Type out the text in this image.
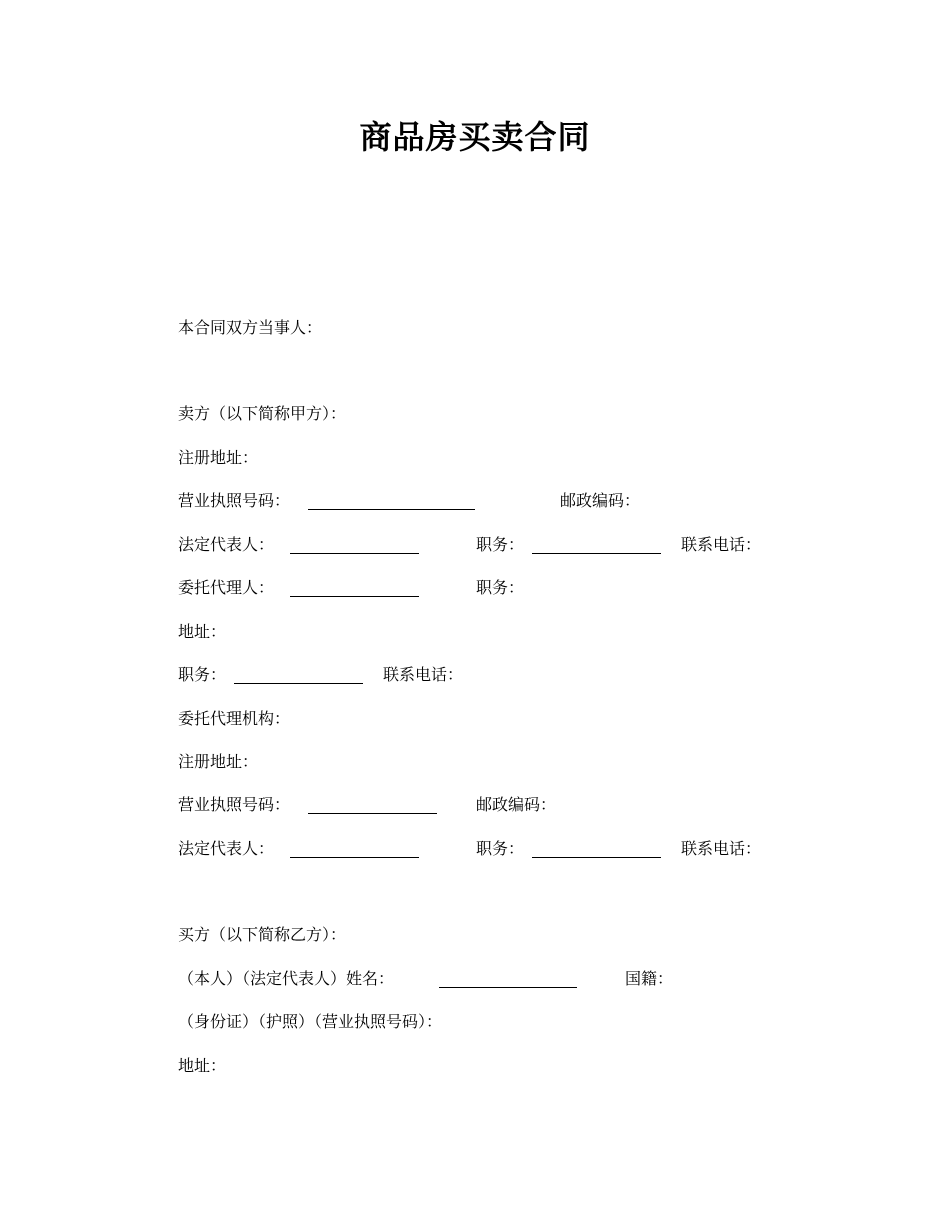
商品房买卖合同
本合同双方当事人：
卖方（以下简称甲方）：
注册地址：
营业执照号码：	邮政编码：
法定代表人：	职务：	联系电话：
委托代理人：	职务：
地址：
职务：	联系电话：
委托代理机构：
注册地址：
营业执照号码：	邮政编码：
法定代表人：	职务：	联系电话：
买方（以下简称乙方）：
（本人）（法定代表人）姓名：	国籍：
（身份证）（护照）（营业执照号码）：
地址：
